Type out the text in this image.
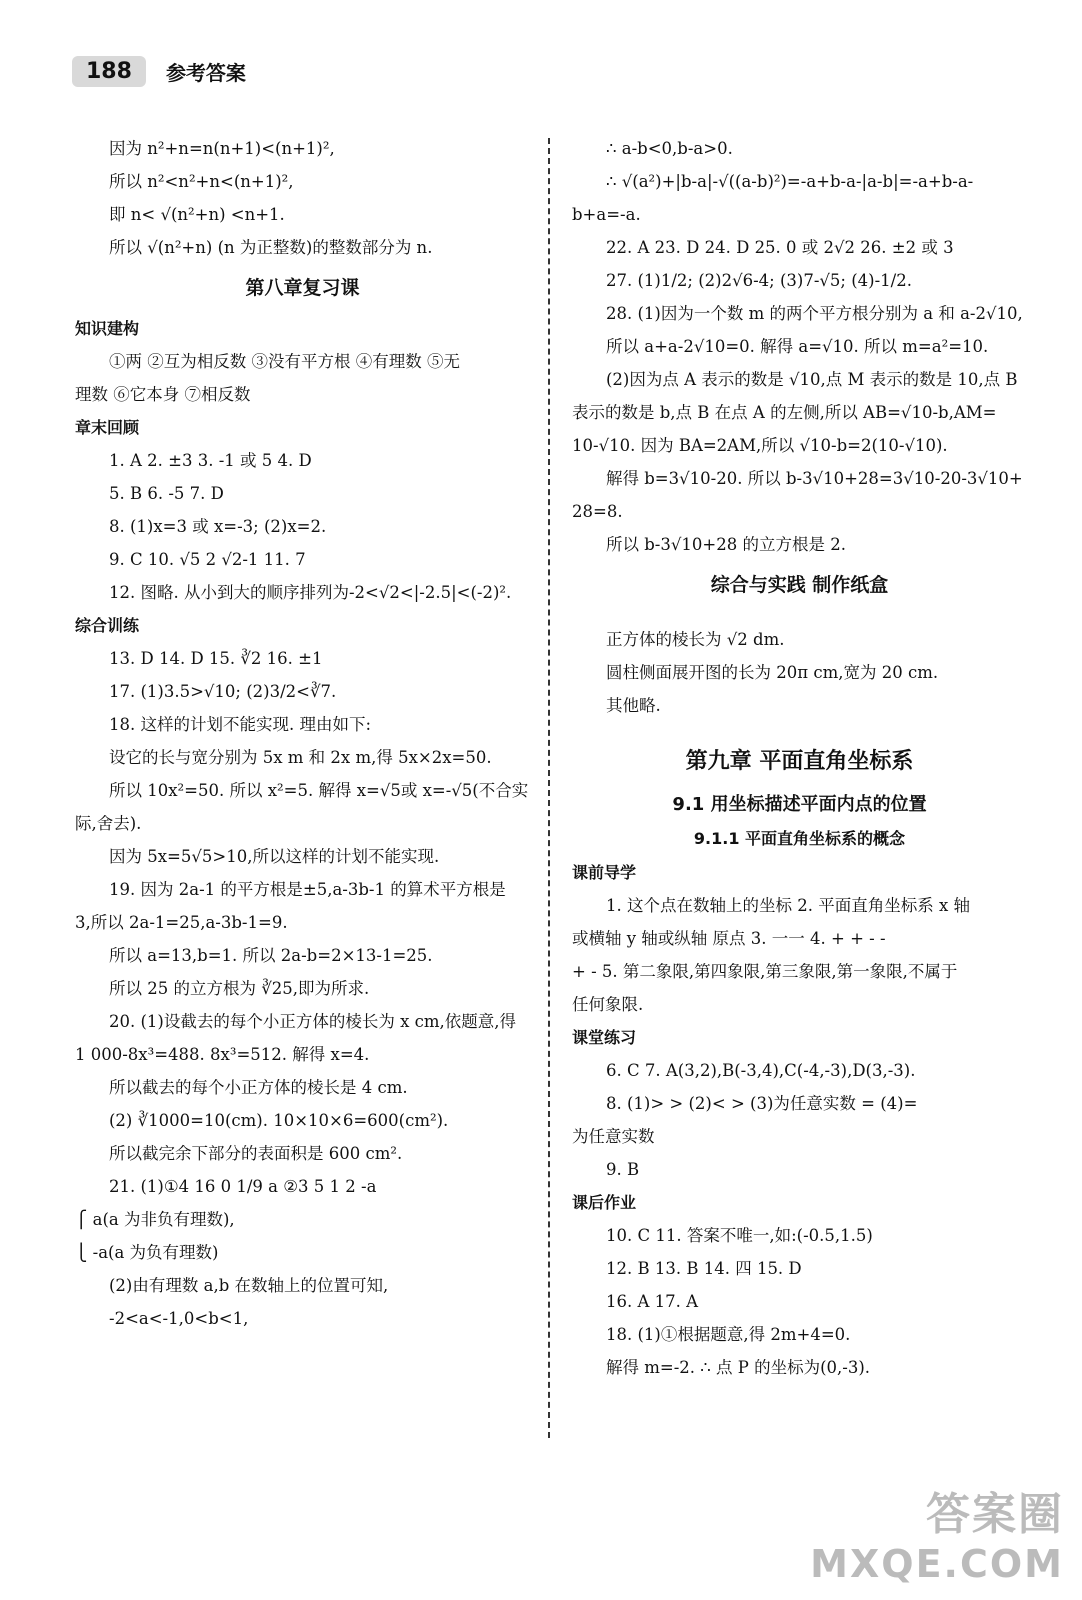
188	参考答案
因为 n²+n=n(n+1)<(n+1)²,
所以 n²<n²+n<(n+1)²,
即 n< √(n²+n) <n+1.
所以 √(n²+n) (n 为正整数)的整数部分为 n.
第八章复习课
知识建构
①两 ②互为相反数 ③没有平方根 ④有理数 ⑤无
理数 ⑥它本身 ⑦相反数
章末回顾
1. A 2. ±3 3. -1 或 5 4. D
5. B 6. -5 7. D
8. (1)x=3 或 x=-3; (2)x=2.
9. C 10. √5 2 √2-1 11. 7
12. 图略. 从小到大的顺序排列为-2<√2<|-2.5|<(-2)².
综合训练
13. D 14. D 15. ∛2 16. ±1
17. (1)3.5>√10; (2)3/2<∛7.
18. 这样的计划不能实现. 理由如下:
设它的长与宽分别为 5x m 和 2x m,得 5x×2x=50.
所以 10x²=50. 所以 x²=5. 解得 x=√5或 x=-√5(不合实
际,舍去).
因为 5x=5√5>10,所以这样的计划不能实现.
19. 因为 2a-1 的平方根是±5,a-3b-1 的算术平方根是
3,所以 2a-1=25,a-3b-1=9.
所以 a=13,b=1. 所以 2a-b=2×13-1=25.
所以 25 的立方根为 ∛25,即为所求.
20. (1)设截去的每个小正方体的棱长为 x cm,依题意,得
1 000-8x³=488. 8x³=512. 解得 x=4.
所以截去的每个小正方体的棱长是 4 cm.
(2) ∛1000=10(cm). 10×10×6=600(cm²).
所以截完余下部分的表面积是 600 cm².
21. (1)①4 16 0 1/9 a ②3 5 1 2 -a
⎧ a(a 为非负有理数),
⎩ -a(a 为负有理数)
(2)由有理数 a,b 在数轴上的位置可知,
-2<a<-1,0<b<1,
∴ a-b<0,b-a>0.
∴ √(a²)+|b-a|-√((a-b)²)=-a+b-a-|a-b|=-a+b-a-
b+a=-a.
22. A 23. D 24. D 25. 0 或 2√2 26. ±2 或 3
27. (1)1/2; (2)2√6-4; (3)7-√5; (4)-1/2.
28. (1)因为一个数 m 的两个平方根分别为 a 和 a-2√10,
所以 a+a-2√10=0. 解得 a=√10. 所以 m=a²=10.
(2)因为点 A 表示的数是 √10,点 M 表示的数是 10,点 B
表示的数是 b,点 B 在点 A 的左侧,所以 AB=√10-b,AM=
10-√10. 因为 BA=2AM,所以 √10-b=2(10-√10).
解得 b=3√10-20. 所以 b-3√10+28=3√10-20-3√10+
28=8.
所以 b-3√10+28 的立方根是 2.
综合与实践 制作纸盒
正方体的棱长为 √2 dm.
圆柱侧面展开图的长为 20π cm,宽为 20 cm.
其他略.
第九章 平面直角坐标系
9.1 用坐标描述平面内点的位置
9.1.1 平面直角坐标系的概念
课前导学
1. 这个点在数轴上的坐标 2. 平面直角坐标系 x 轴
或横轴 y 轴或纵轴 原点 3. 一一 4. + + - -
+ - 5. 第二象限,第四象限,第三象限,第一象限,不属于
任何象限.
课堂练习
6. C 7. A(3,2),B(-3,4),C(-4,-3),D(3,-3).
8. (1)> > (2)< > (3)为任意实数 = (4)=
为任意实数
9. B
课后作业
10. C 11. 答案不唯一,如:(-0.5,1.5)
12. B 13. B 14. 四 15. D
16. A 17. A
18. (1)①根据题意,得 2m+4=0.
解得 m=-2. ∴ 点 P 的坐标为(0,-3).
答案圈
MXQE.COM
